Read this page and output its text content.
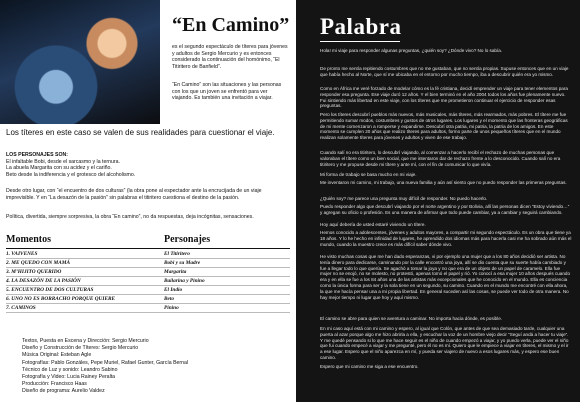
“En Camino”

es el segundo espectáculo de títeres para jóvenes y adultos de Sergio Mercurio y es entonces considerado la continuación del homónimo, “El Titiritero de Banfield”.

“En Camino” son las situaciones y las personas con los que un joven se enfrentó para ver viajando. Es también una invitación a viajar.

Los títeres en este caso se valen de sus realidades para cuestionar el viaje.

LOS PERSONAJES SON:

El infaltable Bobi, desde el sarcasmo y la ternura.

La abuela Margarita con su acidez y el cariño.

Beto desde la indiferencia y el grotesco del alcoholismo.

Desde otro lugar, con “el encuentro de dos culturas” (la obra pone al espectador ante la encrucijada de un viaje imprevisible. Y en “La desazón de la pasión” sin palabras el titiritero cuestiona el destino de la pasión.

Política, divertida, siempre sorpresiva, la obra “En camino”, no da respuestas, deja incógnitas, sensaciones.

Momentos	Personajes
1. VAIVENES	El Titiritero
2. ME QUEDO CON MAMÁ	Bobi y su Madre
3. M’HIJITO QUERIDO	Margarita
4. LA DESAZÓN DE LA PASIÓN	Bailarina y Pinino
5. ENCUENTRO DE DOS CULTURAS	El Indio
6. UNO NO ES BORRACHO PORQUE QUIERE	Beto
7. CAMINOS	Pinino

Textos, Puesta en Escena y Dirección: Sergio Mercurio

Diseño y Construcción de Títeres: Sergio Mercurio

Música Original: Esteban Agle

Fotografías: Pablo Gonzáles, Pepe Muriel, Rafael Gunter, García Bernal

Técnico de Luz y sonido: Leandro Sabino

Fotografía y Video: Lucia Rainey Peralta

Producción: Francisco Haas

Diseño de programa: Aurelio Valdez

Palabra

Hola! mi viaje para responder algunas preguntas, ¿quién soy? ¿Dónde vivo? No lo sabía.

De pronto me sentía repitiendo costumbres que no me gustaban, que no sentía propias. Supuse entonces que en un viaje que había hecho al Norte, que sí me ubicaba en el entorno por mucho tiempo, iba a descubrir quién era yo mismo.

Como en África me veré forzado de modelar cómo es la fé cristiana, decidí emprender un viaje para tener elementos para responder esa pregunta. Ese viaje duró 12 años. Y el bien terminó en el año 2004 todos los años fue plenamente nuevo. Fui sintiendo más libertad en este viaje, con los títeres que me prometieron continuar el ejercicio de responder esas preguntas.

Pero los títeres descubrí pueblos más nuevos, más musicales, más títeres, más rearmados, más pobres. El títere me fue permitiendo sumar modos, costumbres y gustos de otros lugares. Los lugares y el momento que las fronteras geográficas de mi mente comenzaron a romperse y expandirse. Descubrí otra patria, mi patria, la patria de los amigos. En este momento se cumplen 20 años que realizo títeres para adultos, formo parte de unos pequeños títeres que en el mundo realizan solamente títeres para jóvenes y adultos y viven de ese trabajo.

Cuando salí no era titiritero, lo descubrí viajando, al comenzar a hacerlo recibí el rechazo de muchas personas que valoraban el títere como un bien social, que me intentaron dar de rechazo frente a lo desconocido. Cuando salí no era titiritero y me propuse desde mi títere y ante mí, con el fin de comunicar lo que vivía.

Mi forma de trabajo se basa mucho en mi viaje.

Me inventaron mi camino, mi trabajo, una nueva familia y aún así siento que no puedo responder las primeras preguntas.

¿Quién soy? me parece una pregunta muy difícil de responder. No puedo hacerlo.

Puedo responder algo que descubrí viajando por el norte argentino y por Bolivia, allí las personas dicen “Estoy viviendo…” y agregan su oficio o profesión. Es una manera de afirmar que todo puede cambiar, ya a cambiar y seguirá cambiando.

Hoy aquí debería de usted estaré viviendo un títere.

Hemos conocido a adolescentes, jóvenes y adultos mayores, a compartir mi segundo espectáculo. Es un obra que tiene ya 18 años. Y lo he hecho en infinidad de lugares, he aprendido dos idiomas más para hacerla casi me ha sobrado aún más el mundo, cuando la muestro crece es más difícil saber dónde vivo.

He visto muchas cosas que me han dado esperanzas, vi por ejemplo una mujer que a los 80 años decidió ser artista. No tenía dinero para dedicarse, caminando por la calle encontró una joya, allí se dio cuenta que su suerte había cambiado y fue a llegar todo lo que quería. Se agachó a tomar la joya y no que era de un objeto de un papel de caramelo. Ella fue mujer no se enojó, no se molesto, no protestó, apenas tomó el papel y rió. Yo conocí a esa mujer 10 años después cuando era y en ella se fue a los 84 años una de las artistas más excepcionales que he conocido en el mundo. Ella es conciencia como la única forma para ser y la sola tiene en un segundo, su camino. Cuando en el mundo me encontré con ella ahora, la que me hacía pensar una a mi propia libertad. En general suceden así las cosas, se puede ver todo de otra manera. No hay mejor tiempo ni lugar que hoy y aquí mismo.

El camino se abre para quien se aventura a caminar. No importa hacia dónde, es posible.

En mi caso aquí está con mi camino y espero, al igual que Colón, que antes de que sea demasiado tarde, cualquier una puerta al azar porque algo me hizo abrirla a ella, y escuchar la voz de un hombre viejo decir “Seguí andá a hacer tu viaje”. Y me quedé pensando si lo que me hace seguir es el niño de cuando empezó a viajar, y yo puedo verla, puede ver el niño que fui cuando empecé a viajar y me pregunté, pero él no es mí. Quiero que le empiece a viajar en títeres, el mismo y el ir a ese lugar. Espero que el niño aparezca en mí, y pueda ser viajero de nuevo a esos lugares más, y espero ese buen camino.

Espero que mi camino me siga a ese encuentro.
